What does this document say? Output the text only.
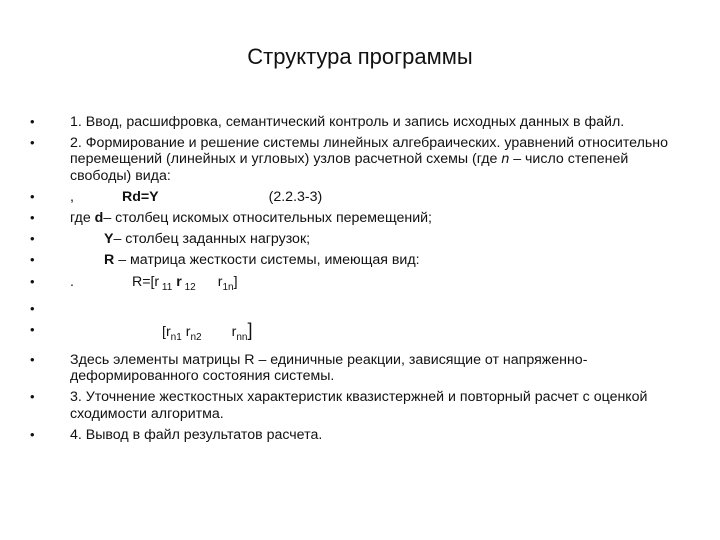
Структура программы
• 1. Ввод, расшифровка, семантический контроль и запись исходных данных в файл.
• 2. Формирование и решение системы линейных алгебраических. уравнений относительно перемещений (линейных и угловых) узлов расчетной схемы (где n – число степеней свободы) вида:
• ,	Rd=Y	(2.2.3-3)
• где d– столбец искомых относительных перемещений;
•	Y– столбец заданных нагрузок;
•	R – матрица жесткости системы, имеющая вид:
• .	R=[r $_{11}$ r $_{12}$ $r_{1n}$]
•

•	[$r_{n1}$ $r_{n2}$ $r_{nn}$]
• Здесь элементы матрицы R – единичные реакции, зависящие от напряженно-деформированного состояния системы.
• 3. Уточнение жесткостных характеристик квазистержней и повторный расчет с оценкой сходимости алгоритма.
• 4. Вывод в файл результатов расчета.
